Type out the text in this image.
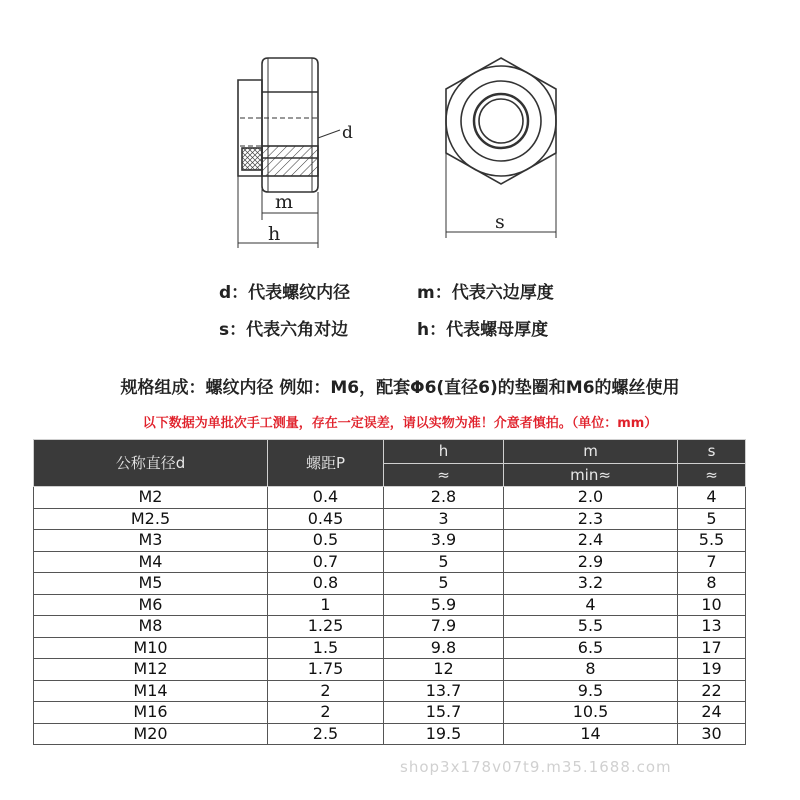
d
m
h
s
d：代表螺纹内径	m：代表六边厚度
s：代表六角对边	h：代表螺母厚度
规格组成：螺纹内径 例如：M6，配套Φ6(直径6)的垫圈和M6的螺丝使用
以下数据为单批次手工测量，存在一定误差，请以实物为准！介意者慎拍。（单位：mm）
公称直径d	螺距P	h	m	s
		≈	min≈	≈
M2	0.4	2.8	2.0	4
M2.5	0.45	3	2.3	5
M3	0.5	3.9	2.4	5.5
M4	0.7	5	2.9	7
M5	0.8	5	3.2	8
M6	1	5.9	4	10
M8	1.25	7.9	5.5	13
M10	1.5	9.8	6.5	17
M12	1.75	12	8	19
M14	2	13.7	9.5	22
M16	2	15.7	10.5	24
M20	2.5	19.5	14	30
shop3x178v07t9.m35.1688.com
